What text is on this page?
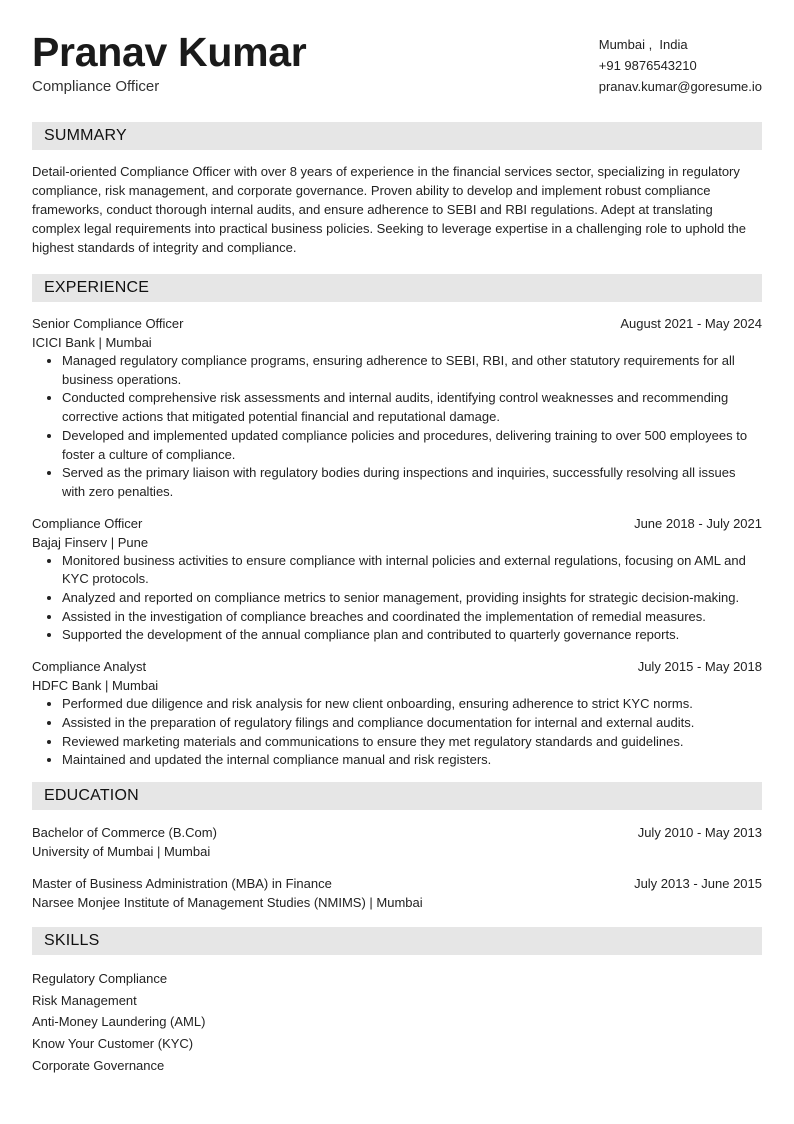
Pranav Kumar
Compliance Officer
Mumbai ,  India
+91 9876543210
pranav.kumar@goresume.io
SUMMARY
Detail-oriented Compliance Officer with over 8 years of experience in the financial services sector, specializing in regulatory compliance, risk management, and corporate governance. Proven ability to develop and implement robust compliance frameworks, conduct thorough internal audits, and ensure adherence to SEBI and RBI regulations. Adept at translating complex legal requirements into practical business policies. Seeking to leverage expertise in a challenging role to uphold the highest standards of integrity and compliance.
EXPERIENCE
Senior Compliance Officer	August 2021 - May 2024
ICICI Bank | Mumbai
• Managed regulatory compliance programs, ensuring adherence to SEBI, RBI, and other statutory requirements for all business operations.
• Conducted comprehensive risk assessments and internal audits, identifying control weaknesses and recommending corrective actions that mitigated potential financial and reputational damage.
• Developed and implemented updated compliance policies and procedures, delivering training to over 500 employees to foster a culture of compliance.
• Served as the primary liaison with regulatory bodies during inspections and inquiries, successfully resolving all issues with zero penalties.
Compliance Officer	June 2018 - July 2021
Bajaj Finserv | Pune
• Monitored business activities to ensure compliance with internal policies and external regulations, focusing on AML and KYC protocols.
• Analyzed and reported on compliance metrics to senior management, providing insights for strategic decision-making.
• Assisted in the investigation of compliance breaches and coordinated the implementation of remedial measures.
• Supported the development of the annual compliance plan and contributed to quarterly governance reports.
Compliance Analyst	July 2015 - May 2018
HDFC Bank | Mumbai
• Performed due diligence and risk analysis for new client onboarding, ensuring adherence to strict KYC norms.
• Assisted in the preparation of regulatory filings and compliance documentation for internal and external audits.
• Reviewed marketing materials and communications to ensure they met regulatory standards and guidelines.
• Maintained and updated the internal compliance manual and risk registers.
EDUCATION
Bachelor of Commerce (B.Com)	July 2010 - May 2013
University of Mumbai | Mumbai
Master of Business Administration (MBA) in Finance	July 2013 - June 2015
Narsee Monjee Institute of Management Studies (NMIMS) | Mumbai
SKILLS
Regulatory Compliance
Risk Management
Anti-Money Laundering (AML)
Know Your Customer (KYC)
Corporate Governance
